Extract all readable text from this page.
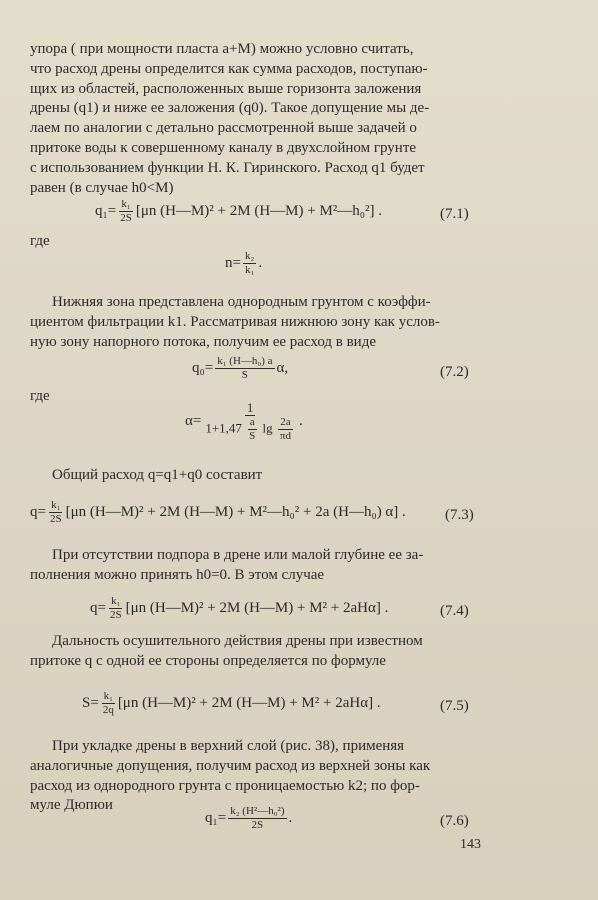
упора ( при мощности пласта a+M) можно условно считать,
что расход дрены определится как сумма расходов, поступаю-
щих из областей, расположенных выше горизонта заложения
дрены (q1) и ниже ее заложения (q0). Такое допущение мы де-
лаем по аналогии с детально рассмотренной выше задачей о
притоке воды к совершенному каналу в двухслойном грунте
с использованием функции Н. К. Гиринского. Расход q1 будет
равен (в случае h0<M)
$q_1= \frac{\text{k₁}}{2S} [\mu n$ (H—M)² + 2M (H—M) + M²—h₀²] .	(7.1)
где
$n= \frac{\text{k₂}}{\text{k₁}}$ .
Нижняя зона представлена однородным грунтом с коэффи-
циентом фильтрации k1. Рассматривая нижнюю зону как услов-
ную зону напорного потока, получим ее расход в виде
$q_0= \frac{\text{k₁ (H—h₀) a}}{S} \alpha$,	(7.2)
где
α=
1
$1+1,47 \frac{a}{S}$ $\lg \frac{2a}{\pi d}$ .
Общий расход q=q1+q0 составит
$q= \frac{\text{k₁}}{2S} [\mu n$ (H—M)² + 2M (H—M) + M²—h₀² + 2a (H—h₀) α] .	(7.3)
При отсутствии подпора в дрене или малой глубине ее за-
полнения можно принять h0=0. В этом случае
$q= \frac{\text{k₁}}{2S} [\mu n$ (H—M)² + 2M (H—M) + M² + 2aHα] .	(7.4)
Дальность осушительного действия дрены при известном
притоке q с одной ее стороны определяется по формуле
$S= \frac{\text{k₁}}{2q} [\mu n$ (H—M)² + 2M (H—M) + M² + 2aHα] .	(7.5)
При укладке дрены в верхний слой (рис. 38), применяя
аналогичные допущения, получим расход из верхней зоны как
расход из однородного грунта с проницаемостью k2; по фор-
муле Дюпюи
$q_1= \frac{\text{k₂ (H²—h₀²)}}{2S}$ .	(7.6)
143
